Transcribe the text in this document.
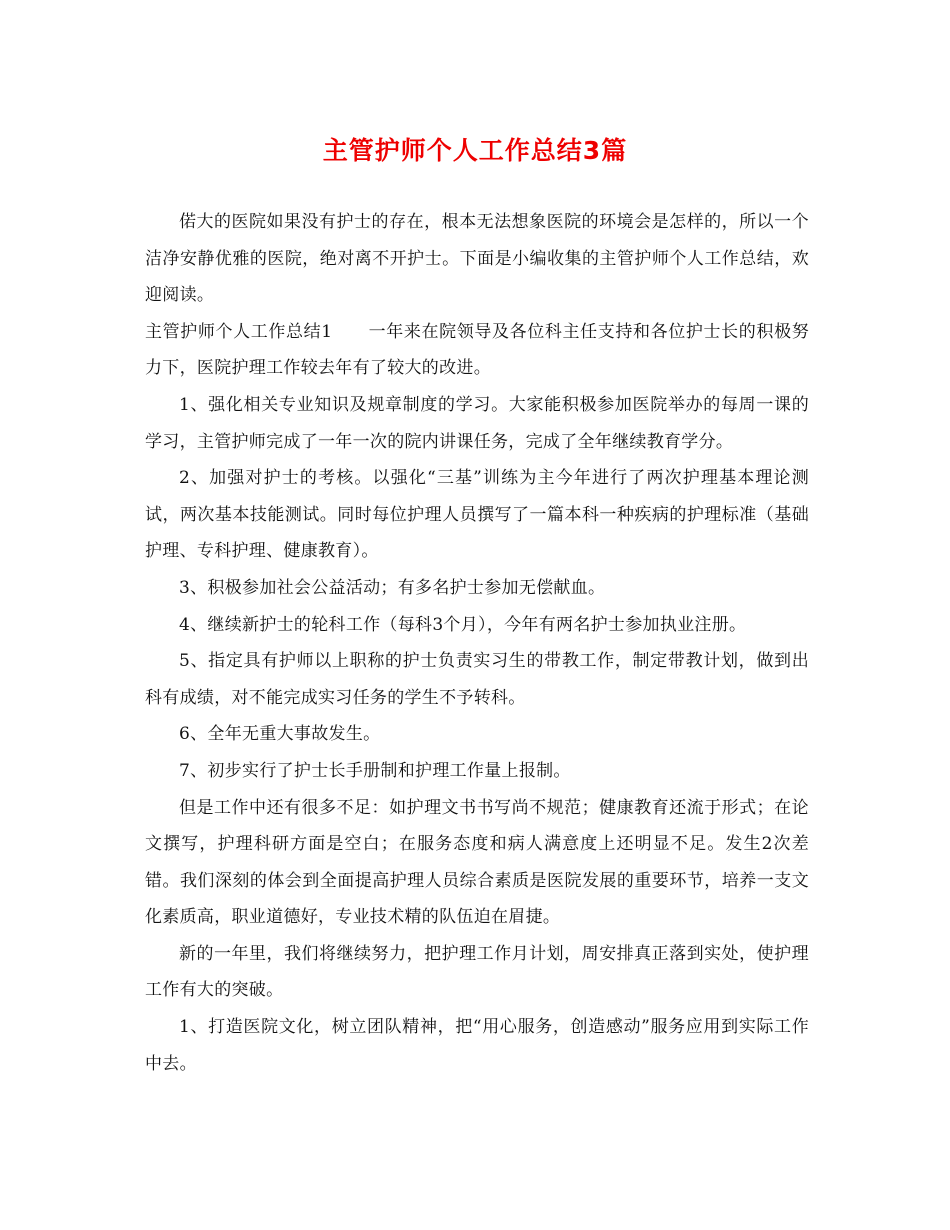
主管护师个人工作总结3篇

偌大的医院如果没有护士的存在，根本无法想象医院的环境会是怎样的，所以一个洁净安静优雅的医院，绝对离不开护士。下面是小编收集的主管护师个人工作总结，欢迎阅读。

主管护师个人工作总结1 一年来在院领导及各位科主任支持和各位护士长的积极努力下，医院护理工作较去年有了较大的改进。

1、强化相关专业知识及规章制度的学习。大家能积极参加医院举办的每周一课的学习，主管护师完成了一年一次的院内讲课任务，完成了全年继续教育学分。

2、加强对护士的考核。以强化“三基”训练为主今年进行了两次护理基本理论测试，两次基本技能测试。同时每位护理人员撰写了一篇本科一种疾病的护理标准（基础护理、专科护理、健康教育）。

3、积极参加社会公益活动；有多名护士参加无偿献血。

4、继续新护士的轮科工作（每科3个月），今年有两名护士参加执业注册。

5、指定具有护师以上职称的护士负责实习生的带教工作，制定带教计划，做到出科有成绩，对不能完成实习任务的学生不予转科。

6、全年无重大事故发生。

7、初步实行了护士长手册制和护理工作量上报制。

但是工作中还有很多不足：如护理文书书写尚不规范；健康教育还流于形式；在论文撰写，护理科研方面是空白；在服务态度和病人满意度上还明显不足。发生2次差错。我们深刻的体会到全面提高护理人员综合素质是医院发展的重要环节，培养一支文化素质高，职业道德好，专业技术精的队伍迫在眉捷。

新的一年里，我们将继续努力，把护理工作月计划，周安排真正落到实处，使护理工作有大的突破。

1、打造医院文化，树立团队精神，把“用心服务，创造感动”服务应用到实际工作中去。
